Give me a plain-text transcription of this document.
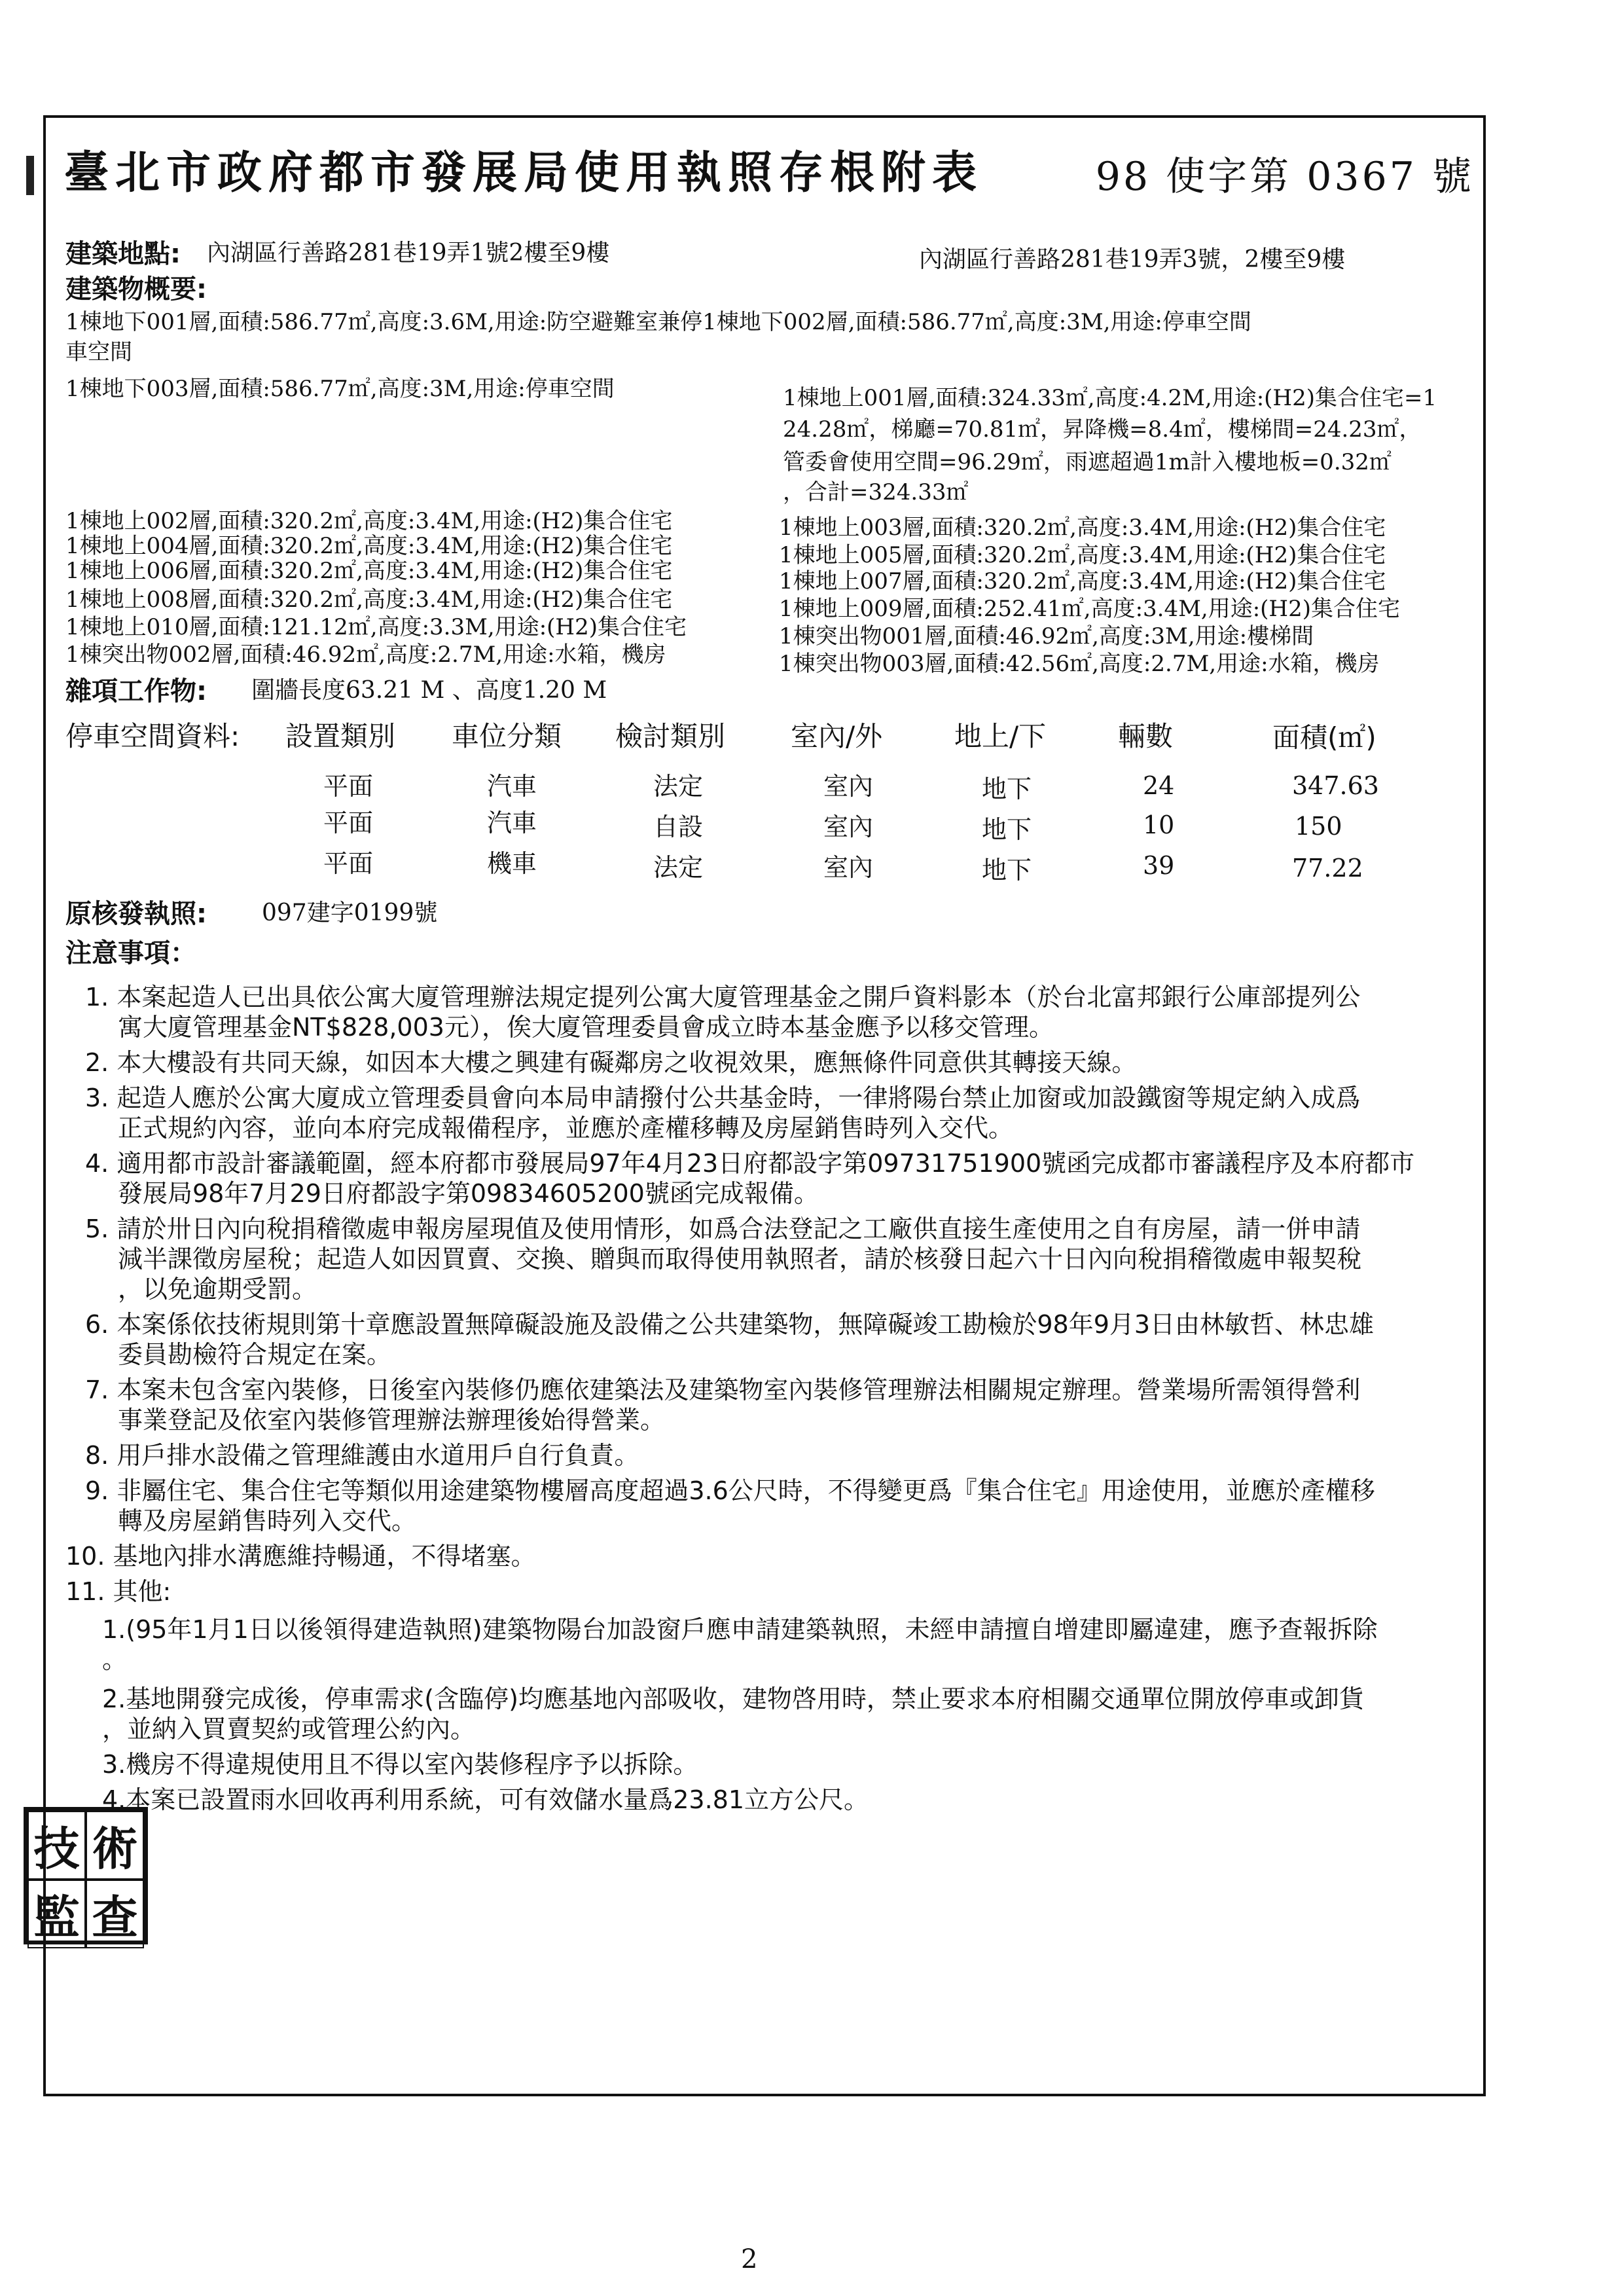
臺北市政府都市發展局使用執照存根附表	98 使字第 0367 號
建築地點: 內湖區行善路281巷19弄1號2樓至9樓	內湖區行善路281巷19弄3號，2樓至9樓
建築物概要:
1棟地下001層,面積:586.77㎡,高度:3.6M,用途:防空避難室兼停1棟地下002層,面積:586.77㎡,高度:3M,用途:停車空間
車空間
1棟地下003層,面積:586.77㎡,高度:3M,用途:停車空間	1棟地上001層,面積:324.33㎡,高度:4.2M,用途:(H2)集合住宅=1
24.28㎡，梯廳=70.81㎡，昇降機=8.4㎡，樓梯間=24.23㎡，
管委會使用空間=96.29㎡，雨遮超過1m計入樓地板=0.32㎡
，合計=324.33㎡
1棟地上002層,面積:320.2㎡,高度:3.4M,用途:(H2)集合住宅
1棟地上004層,面積:320.2㎡,高度:3.4M,用途:(H2)集合住宅
1棟地上006層,面積:320.2㎡,高度:3.4M,用途:(H2)集合住宅
1棟地上008層,面積:320.2㎡,高度:3.4M,用途:(H2)集合住宅
1棟地上010層,面積:121.12㎡,高度:3.3M,用途:(H2)集合住宅
1棟突出物002層,面積:46.92㎡,高度:2.7M,用途:水箱，機房
1棟地上003層,面積:320.2㎡,高度:3.4M,用途:(H2)集合住宅
1棟地上005層,面積:320.2㎡,高度:3.4M,用途:(H2)集合住宅
1棟地上007層,面積:320.2㎡,高度:3.4M,用途:(H2)集合住宅
1棟地上009層,面積:252.41㎡,高度:3.4M,用途:(H2)集合住宅
1棟突出物001層,面積:46.92㎡,高度:3M,用途:樓梯間
1棟突出物003層,面積:42.56㎡,高度:2.7M,用途:水箱，機房
雜項工作物: 圍牆長度63.21 M 、高度1.20 M
停車空間資料: 設置類別 車位分類 檢討類別 室內/外	地上/下	輛數	面積(㎡)
平面	汽車	法定	室內	地下	24	347.63
平面	汽車	自設	室內	地下	10	150
平面	機車	法定	室內	地下	39	77.22
原核發執照: 097建字0199號
注意事項：
1. 本案起造人已出具依公寓大廈管理辦法規定提列公寓大廈管理基金之開戶資料影本（於台北富邦銀行公庫部提列公
寓大廈管理基金NT$828,003元），俟大廈管理委員會成立時本基金應予以移交管理。
2. 本大樓設有共同天線，如因本大樓之興建有礙鄰房之收視效果，應無條件同意供其轉接天線。
3. 起造人應於公寓大廈成立管理委員會向本局申請撥付公共基金時，一律將陽台禁止加窗或加設鐵窗等規定納入成爲
正式規約內容，並向本府完成報備程序，並應於產權移轉及房屋銷售時列入交代。
4. 適用都市設計審議範圍，經本府都市發展局97年4月23日府都設字第09731751900號函完成都市審議程序及本府都市
發展局98年7月29日府都設字第09834605200號函完成報備。
5. 請於卅日內向稅捐稽徵處申報房屋現值及使用情形，如爲合法登記之工廠供直接生產使用之自有房屋，請一併申請
減半課徵房屋稅；起造人如因買賣、交換、贈與而取得使用執照者，請於核發日起六十日內向稅捐稽徵處申報契稅
，以免逾期受罰。
6. 本案係依技術規則第十章應設置無障礙設施及設備之公共建築物，無障礙竣工勘檢於98年9月3日由林敏哲、林忠雄
委員勘檢符合規定在案。
7. 本案未包含室內裝修，日後室內裝修仍應依建築法及建築物室內裝修管理辦法相關規定辦理。營業場所需領得營利
事業登記及依室內裝修管理辦法辦理後始得營業。
8. 用戶排水設備之管理維護由水道用戶自行負責。
9. 非屬住宅、集合住宅等類似用途建築物樓層高度超過3.6公尺時，不得變更爲『集合住宅』用途使用，並應於產權移
轉及房屋銷售時列入交代。
10. 基地內排水溝應維持暢通，不得堵塞。
11. 其他:
1.(95年1月1日以後領得建造執照)建築物陽台加設窗戶應申請建築執照，未經申請擅自增建即屬違建，應予查報拆除
。
2.基地開發完成後，停車需求(含臨停)均應基地內部吸收，建物啓用時，禁止要求本府相關交通單位開放停車或卸貨
，並納入買賣契約或管理公約內。
3.機房不得違規使用且不得以室內裝修程序予以拆除。
4.本案已設置雨水回收再利用系統，可有效儲水量爲23.81立方公尺。
技 術
監 查
2
